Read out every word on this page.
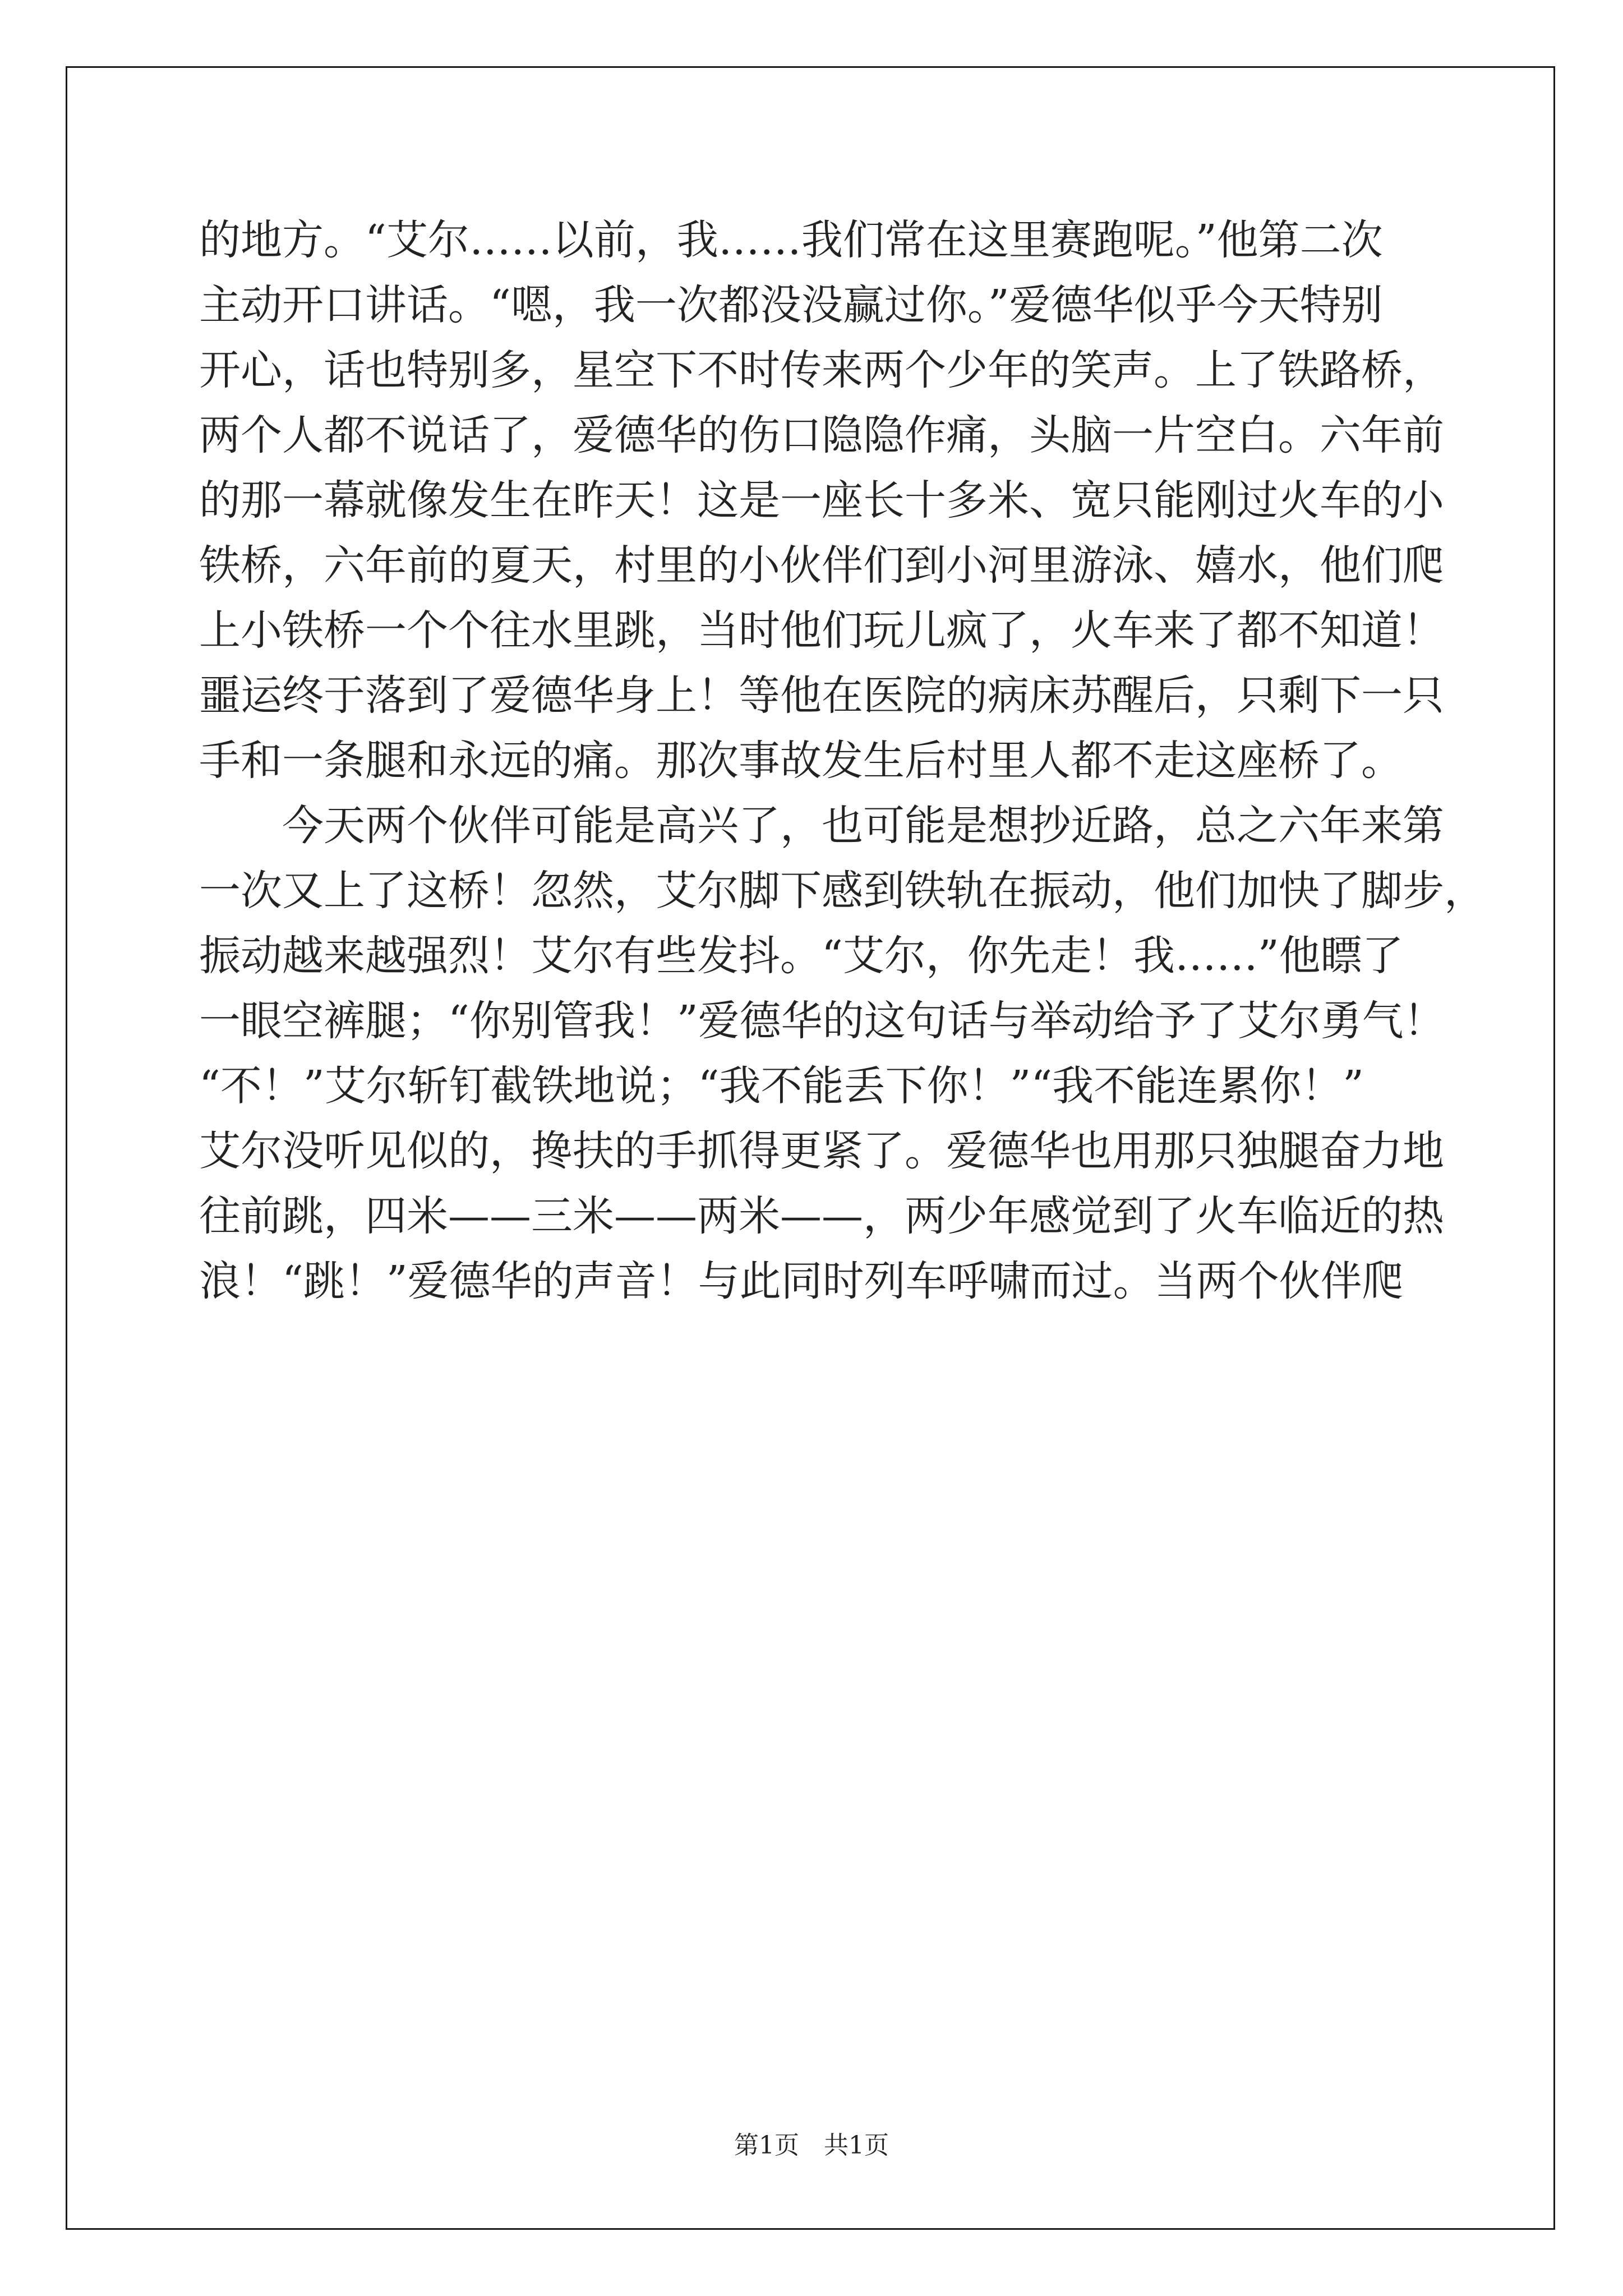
的地方。“艾尔……以前，我……我们常在这里赛跑呢。”他第二次
主动开口讲话。“嗯，我一次都没没赢过你。”爱德华似乎今天特别
开心，话也特别多，星空下不时传来两个少年的笑声。上了铁路桥，
两个人都不说话了，爱德华的伤口隐隐作痛，头脑一片空白。六年前
的那一幕就像发生在昨天！这是一座长十多米、宽只能刚过火车的小
铁桥，六年前的夏天，村里的小伙伴们到小河里游泳、嬉水，他们爬
上小铁桥一个个往水里跳，当时他们玩儿疯了，火车来了都不知道！
噩运终于落到了爱德华身上！等他在医院的病床苏醒后，只剩下一只
手和一条腿和永远的痛。那次事故发生后村里人都不走这座桥了。
　　今天两个伙伴可能是高兴了，也可能是想抄近路，总之六年来第
一次又上了这桥！忽然，艾尔脚下感到铁轨在振动，他们加快了脚步，
振动越来越强烈！艾尔有些发抖。“艾尔，你先走！我……”他瞟了
一眼空裤腿；“你别管我！”爱德华的这句话与举动给予了艾尔勇气！
“不！”艾尔斩钉截铁地说；“我不能丢下你！”“我不能连累你！”
艾尔没听见似的，搀扶的手抓得更紧了。爱德华也用那只独腿奋力地
往前跳，四米——三米——两米——，两少年感觉到了火车临近的热
浪！“跳！”爱德华的声音！与此同时列车呼啸而过。当两个伙伴爬
第1页　共1页
